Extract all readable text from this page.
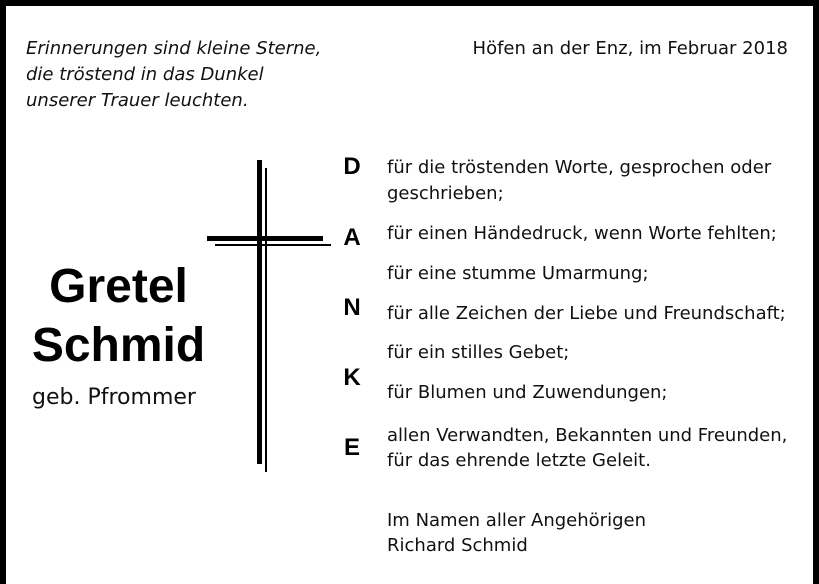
Erinnerungen sind kleine Sterne,
die tröstend in das Dunkel
unserer Trauer leuchten.
Höfen an der Enz, im Februar 2018
Gretel
Schmid
geb. Pfrommer
D
A
N
K
E
für die tröstenden Worte, gesprochen oder
geschrieben;
für einen Händedruck, wenn Worte fehlten;
für eine stumme Umarmung;
für alle Zeichen der Liebe und Freundschaft;
für ein stilles Gebet;
für Blumen und Zuwendungen;
allen Verwandten, Bekannten und Freunden,
für das ehrende letzte Geleit.
Im Namen aller Angehörigen
Richard Schmid
